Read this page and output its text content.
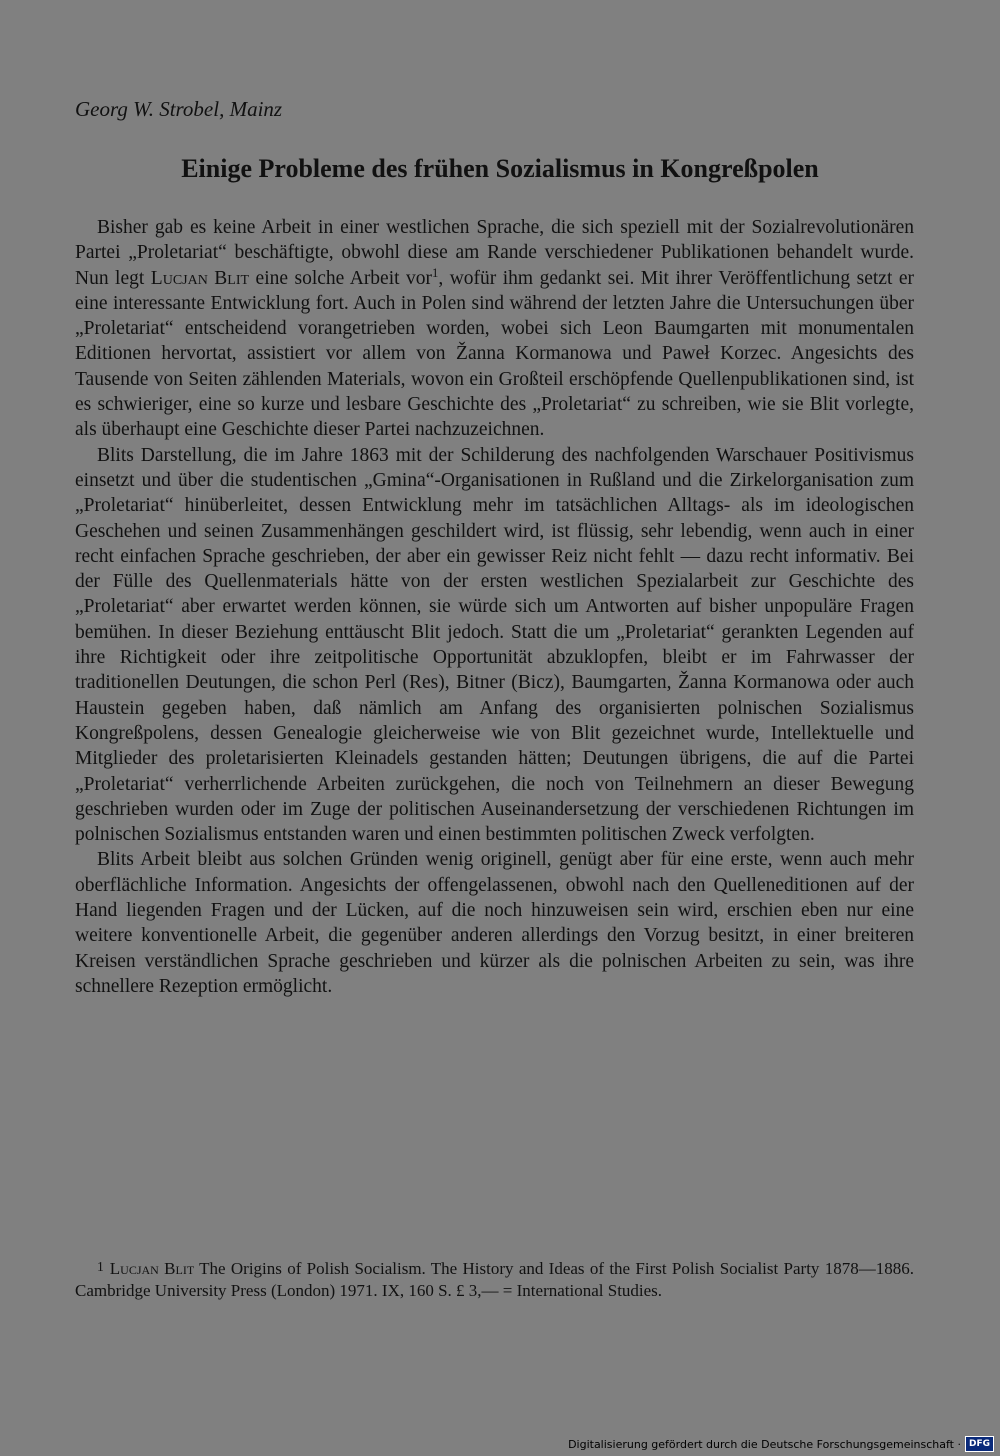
Georg W. Strobel, Mainz
Einige Probleme des frühen Sozialismus in Kongreßpolen

Bisher gab es keine Arbeit in einer westlichen Sprache, die sich speziell mit der Sozialrevolutionären Partei „Proletariat“ beschäftigte, obwohl diese am Rande verschiedener Publikationen behandelt wurde. Nun legt Lucjan Blit eine solche Arbeit vor$^1$, wofür ihm gedankt sei. Mit ihrer Veröffentlichung setzt er eine interessante Entwicklung fort. Auch in Polen sind während der letzten Jahre die Untersuchungen über „Proletariat“ entscheidend vorangetrieben worden, wobei sich Leon Baumgarten mit monumentalen Editionen hervortat, assistiert vor allem von Žanna Kormanowa und Paweł Korzec. Angesichts des Tausende von Seiten zählenden Materials, wovon ein Großteil erschöpfende Quellenpublikationen sind, ist es schwieriger, eine so kurze und lesbare Geschichte des „Proletariat“ zu schreiben, wie sie Blit vorlegte, als überhaupt eine Geschichte dieser Partei nachzuzeichnen.

Blits Darstellung, die im Jahre 1863 mit der Schilderung des nachfolgenden Warschauer Positivismus einsetzt und über die studentischen „Gmina“-Organisationen in Rußland und die Zirkelorganisation zum „Proletariat“ hinüberleitet, dessen Entwicklung mehr im tatsächlichen Alltags- als im ideologischen Geschehen und seinen Zusammenhängen geschildert wird, ist flüssig, sehr lebendig, wenn auch in einer recht einfachen Sprache geschrieben, der aber ein gewisser Reiz nicht fehlt — dazu recht informativ. Bei der Fülle des Quellenmaterials hätte von der ersten westlichen Spezialarbeit zur Geschichte des „Proletariat“ aber erwartet werden können, sie würde sich um Antworten auf bisher unpopuläre Fragen bemühen. In dieser Beziehung enttäuscht Blit jedoch. Statt die um „Proletariat“ gerankten Legenden auf ihre Richtigkeit oder ihre zeitpolitische Opportunität abzuklopfen, bleibt er im Fahrwasser der traditionellen Deutungen, die schon Perl (Res), Bitner (Bicz), Baumgarten, Žanna Kormanowa oder auch Haustein gegeben haben, daß nämlich am Anfang des organisierten polnischen Sozialismus Kongreßpolens, dessen Genealogie gleicherweise wie von Blit gezeichnet wurde, Intellektuelle und Mitglieder des proletarisierten Kleinadels gestanden hätten; Deutungen übrigens, die auf die Partei „Proletariat“ verherrlichende Arbeiten zurückgehen, die noch von Teilnehmern an dieser Bewegung geschrieben wurden oder im Zuge der politischen Auseinandersetzung der verschiedenen Richtungen im polnischen Sozialismus entstanden waren und einen bestimmten politischen Zweck verfolgten.

Blits Arbeit bleibt aus solchen Gründen wenig originell, genügt aber für eine erste, wenn auch mehr oberflächliche Information. Angesichts der offengelassenen, obwohl nach den Quelleneditionen auf der Hand liegenden Fragen und der Lücken, auf die noch hinzuweisen sein wird, erschien eben nur eine weitere konventionelle Arbeit, die gegenüber anderen allerdings den Vorzug besitzt, in einer breiteren Kreisen verständlichen Sprache geschrieben und kürzer als die polnischen Arbeiten zu sein, was ihre schnellere Rezeption ermöglicht.

1 Lucjan Blit The Origins of Polish Socialism. The History and Ideas of the First Polish Socialist Party 1878—1886. Cambridge University Press (London) 1971. IX, 160 S. £ 3,— = International Studies.
Digitalisierung gefördert durch die Deutsche Forschungsgemeinschaft · DFG
